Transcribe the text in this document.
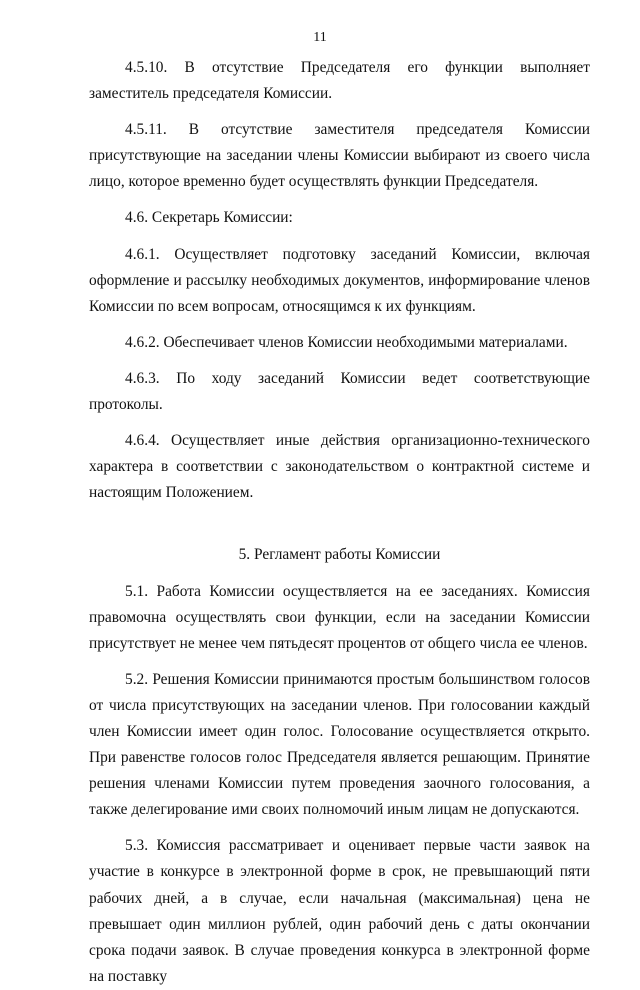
11

4.5.10. В отсутствие Председателя его функции выполняет заместитель председателя Комиссии.

4.5.11. В отсутствие заместителя председателя Комиссии присутствующие на заседании члены Комиссии выбирают из своего числа лицо, которое временно будет осуществлять функции Председателя.

4.6. Секретарь Комиссии:

4.6.1. Осуществляет подготовку заседаний Комиссии, включая оформление и рассылку необходимых документов, информирование членов Комиссии по всем вопросам, относящимся к их функциям.

4.6.2. Обеспечивает членов Комиссии необходимыми материалами.

4.6.3. По ходу заседаний Комиссии ведет соответствующие протоколы.

4.6.4. Осуществляет иные действия организационно-технического характера в соответствии с законодательством о контрактной системе и настоящим Положением.

5. Регламент работы Комиссии

5.1. Работа Комиссии осуществляется на ее заседаниях. Комиссия правомочна осуществлять свои функции, если на заседании Комиссии присутствует не менее чем пятьдесят процентов от общего числа ее членов.

5.2. Решения Комиссии принимаются простым большинством голосов от числа присутствующих на заседании членов. При голосовании каждый член Комиссии имеет один голос. Голосование осуществляется открыто. При равенстве голосов голос Председателя является решающим. Принятие решения членами Комиссии путем проведения заочного голосования, а также делегирование ими своих полномочий иным лицам не допускаются.

5.3. Комиссия рассматривает и оценивает первые части заявок на участие в конкурсе в электронной форме в срок, не превышающий пяти рабочих дней, а в случае, если начальная (максимальная) цена не превышает один миллион рублей, один рабочий день с даты окончании срока подачи заявок. В случае проведения конкурса в электронной форме на поставку
